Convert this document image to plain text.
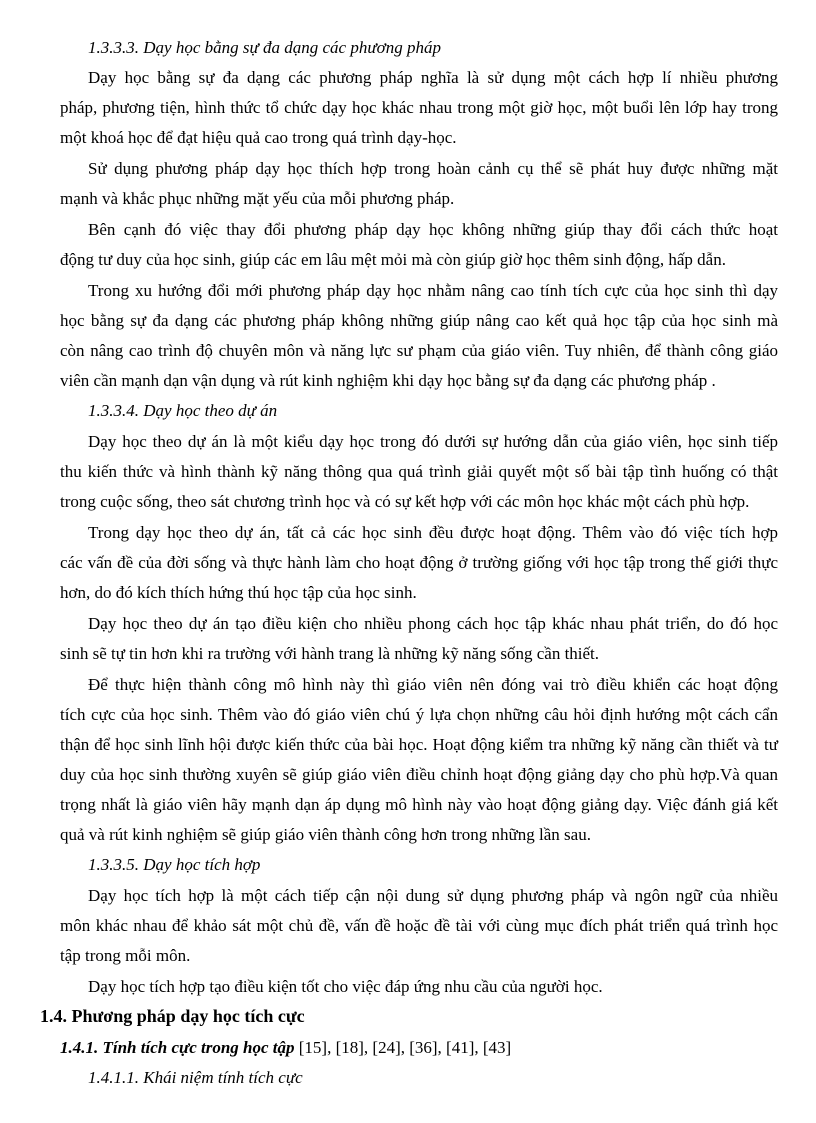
1.3.3.3. Dạy học bằng sự đa dạng các phương pháp
Dạy học bằng sự đa dạng các phương pháp nghĩa là sử dụng một cách hợp lí nhiều phương
pháp, phương tiện, hình thức tổ chức dạy học khác nhau trong một giờ học, một buổi lên lớp hay trong
một khoá học để đạt hiệu quả cao trong quá trình dạy-học.
Sử dụng phương pháp dạy học thích hợp trong hoàn cảnh cụ thể sẽ phát huy được những mặt
mạnh và khắc phục những mặt yếu của mỗi phương pháp.
Bên cạnh đó việc thay đổi phương pháp dạy học không những giúp thay đổi cách thức hoạt
động tư duy của học sinh, giúp các em lâu mệt mỏi mà còn giúp giờ học thêm sinh động, hấp dẫn.
Trong xu hướng đổi mới phương pháp dạy học nhằm nâng cao tính tích cực của học sinh thì dạy
học bằng sự đa dạng các phương pháp không những giúp nâng cao kết quả học tập của học sinh mà
còn nâng cao trình độ chuyên môn và năng lực sư phạm của giáo viên. Tuy nhiên, để thành công giáo
viên cần mạnh dạn vận dụng và rút kinh nghiệm khi dạy học bằng sự đa dạng các phương pháp .
1.3.3.4. Dạy học theo dự án
Dạy học theo dự án là một kiểu dạy học trong đó dưới sự hướng dẫn của giáo viên, học sinh tiếp
thu kiến thức và hình thành kỹ năng thông qua quá trình giải quyết một số bài tập tình huống có thật
trong cuộc sống, theo sát chương trình học và có sự kết hợp với các môn học khác một cách phù hợp.
Trong dạy học theo dự án, tất cả các học sinh đều được hoạt động. Thêm vào đó việc tích hợp
các vấn đề của đời sống và thực hành làm cho hoạt động ở trường giống với học tập trong thế giới thực
hơn, do đó kích thích hứng thú học tập của học sinh.
Dạy học theo dự án tạo điều kiện cho nhiều phong cách học tập khác nhau phát triển, do đó học
sinh sẽ tự tin hơn khi ra trường với hành trang là những kỹ năng sống cần thiết.
Để thực hiện thành công mô hình này thì giáo viên nên đóng vai trò điều khiển các hoạt động
tích cực của học sinh. Thêm vào đó giáo viên chú ý lựa chọn những câu hỏi định hướng một cách cẩn
thận để học sinh lĩnh hội được kiến thức của bài học. Hoạt động kiểm tra những kỹ năng cần thiết và tư
duy của học sinh thường xuyên sẽ giúp giáo viên điều chỉnh hoạt động giảng dạy cho phù hợp.Và quan
trọng nhất là giáo viên hãy mạnh dạn áp dụng mô hình này vào hoạt động giảng dạy. Việc đánh giá kết
quả và rút kinh nghiệm sẽ giúp giáo viên thành công hơn trong những lần sau.
1.3.3.5. Dạy học tích hợp
Dạy học tích hợp là một cách tiếp cận nội dung sử dụng phương pháp và ngôn ngữ của nhiều
môn khác nhau để khảo sát một chủ đề, vấn đề hoặc đề tài với cùng mục đích phát triển quá trình học
tập trong mỗi môn.
Dạy học tích hợp tạo điều kiện tốt cho việc đáp ứng nhu cầu của người học.
1.4. Phương pháp dạy học tích cực
1.4.1. Tính tích cực trong học tập [15], [18], [24], [36], [41], [43]
1.4.1.1. Khái niệm tính tích cực
